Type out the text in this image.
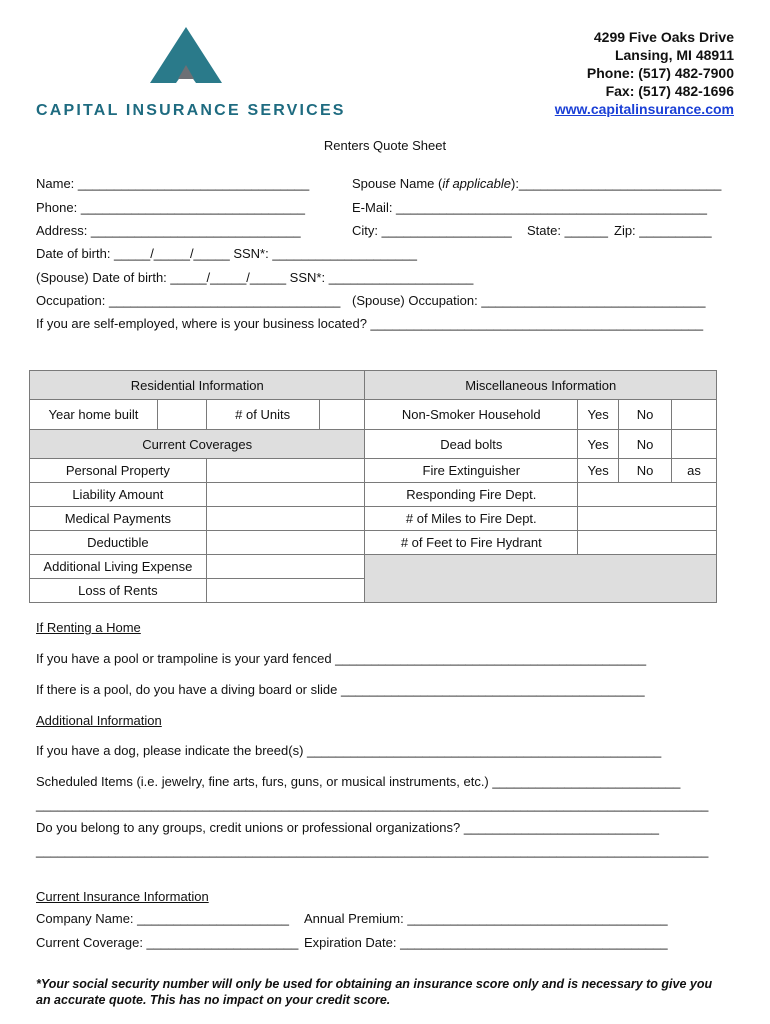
CAPITAL INSURANCE SERVICES
4299 Five Oaks Drive
Lansing, MI 48911
Phone: (517) 482-7900
Fax: (517) 482-1696
www.capitalinsurance.com
Renters Quote Sheet
Name: ________________________________	Spouse Name (if applicable):____________________________
Phone: _______________________________	E-Mail: ___________________________________________
Address: _____________________________	City: __________________ State: ______ Zip: __________
Date of birth: _____/_____/_____ SSN*: ____________________
(Spouse) Date of birth: _____/_____/_____ SSN*: ____________________
Occupation: ________________________________ (Spouse) Occupation: _______________________________
If you are self-employed, where is your business located? ______________________________________________
Residential Information				Miscellaneous Information			
Year home built		# of Units		Non-Smoker Household	Yes	No	
Current Coverages				Dead bolts	Yes	No	
Personal Property				Fire Extinguisher	Yes	No	as
Liability Amount				Responding Fire Dept.			
Medical Payments				# of Miles to Fire Dept.			
Deductible				# of Feet to Fire Hydrant			
Additional Living Expense							
Loss of Rents							
If Renting a Home
If you have a pool or trampoline is your yard fenced ___________________________________________
If there is a pool, do you have a diving board or slide __________________________________________
Additional Information
If you have a dog, please indicate the breed(s) _________________________________________________
Scheduled Items (i.e. jewelry, fine arts, furs, guns, or musical instruments, etc.) __________________________
_____________________________________________________________________________________________
Do you belong to any groups, credit unions or professional organizations? ___________________________
_____________________________________________________________________________________________
Current Insurance Information
Company Name: _____________________ Annual Premium: ____________________________________
Current Coverage: _____________________ Expiration Date: _____________________________________
*Your social security number will only be used for obtaining an insurance score only and is necessary to give you an accurate quote. This has no impact on your credit score.
